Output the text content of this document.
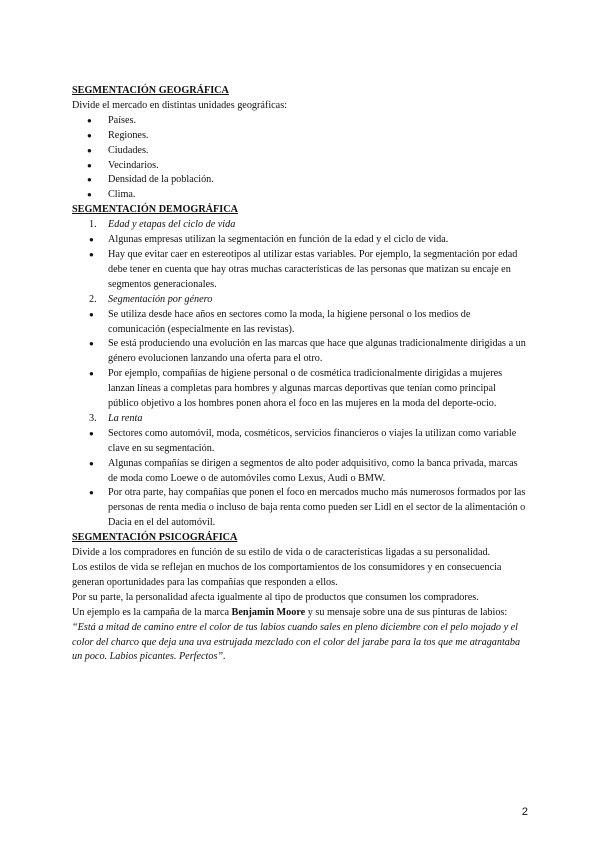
SEGMENTACIÓN GEOGRÁFICA

Divide el mercado en distintas unidades geográficas:

● Países.
● Regiones.
● Ciudades.
● Vecindarios.
● Densidad de la población.
● Clima.

SEGMENTACIÓN DEMOGRÁFICA

1. Edad y etapas del ciclo de vida
● Algunas empresas utilizan la segmentación en función de la edad y el ciclo de vida.
● Hay que evitar caer en estereotipos al utilizar estas variables. Por ejemplo, la segmentación por edad debe tener en cuenta que hay otras muchas características de las personas que matizan su encaje en segmentos generacionales.
2. Segmentación por género
● Se utiliza desde hace años en sectores como la moda, la higiene personal o los medios de comunicación (especialmente en las revistas).
● Se está produciendo una evolución en las marcas que hace que algunas tradicionalmente dirigidas a un género evolucionen lanzando una oferta para el otro.
● Por ejemplo, compañías de higiene personal o de cosmética tradicionalmente dirigidas a mujeres lanzan líneas a completas para hombres y algunas marcas deportivas que tenían como principal público objetivo a los hombres ponen ahora el foco en las mujeres en la moda del deporte-ocio.
3. La renta
● Sectores como automóvil, moda, cosméticos, servicios financieros o viajes la utilizan como variable clave en su segmentación.
● Algunas compañías se dirigen a segmentos de alto poder adquisitivo, como la banca privada, marcas de moda como Loewe o de automóviles como Lexus, Audi o BMW.
● Por otra parte, hay compañías que ponen el foco en mercados mucho más numerosos formados por las personas de renta media o incluso de baja renta como pueden ser Lidl en el sector de la alimentación o Dacia en el del automóvil.

SEGMENTACIÓN PSICOGRÁFICA

Divide a los compradores en función de su estilo de vida o de características ligadas a su personalidad.

Los estilos de vida se reflejan en muchos de los comportamientos de los consumidores y en consecuencia generan oportunidades para las compañías que responden a ellos.

Por su parte, la personalidad afecta igualmente al tipo de productos que consumen los compradores.

Un ejemplo es la campaña de la marca Benjamin Moore y su mensaje sobre una de sus pinturas de labios:

“Está a mitad de camino entre el color de tus labios cuando sales en pleno diciembre con el pelo mojado y el color del charco que deja una uva estrujada mezclado con el color del jarabe para la tos que me atragantaba un poco. Labios picantes. Perfectos”.

2
